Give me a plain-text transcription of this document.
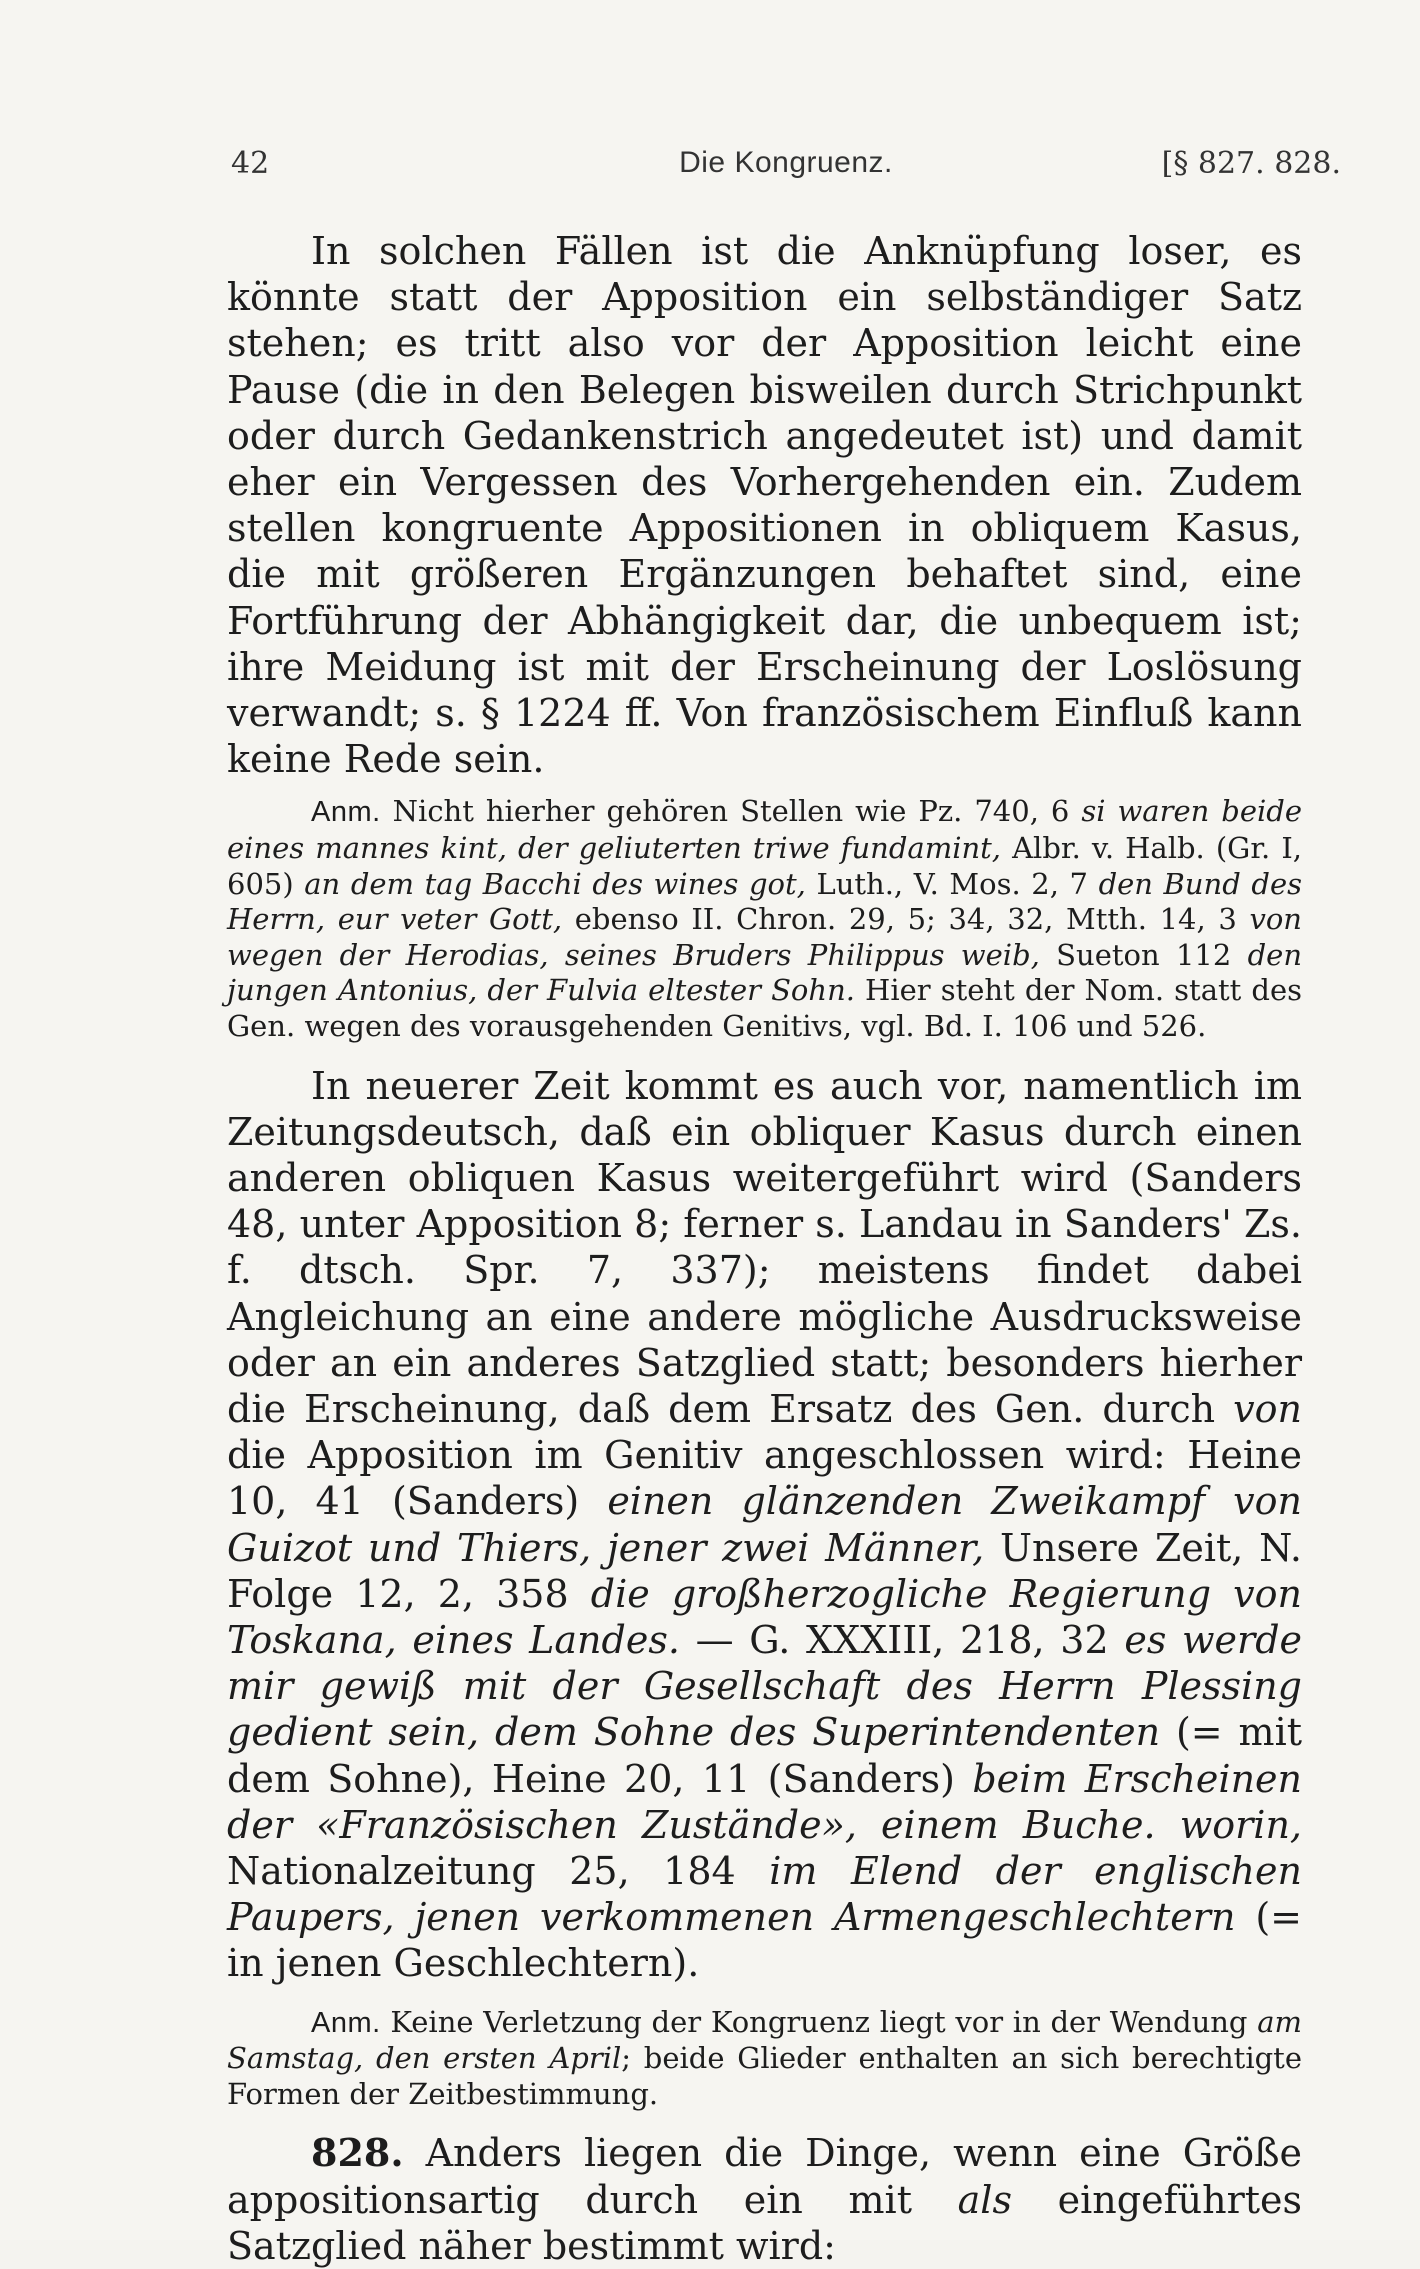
42	Die Kongruenz.	[§ 827. 828.

In solchen Fällen ist die Anknüpfung loser, es könnte statt der Apposition ein selbständiger Satz stehen; es tritt also vor der Apposition leicht eine Pause (die in den Belegen bisweilen durch Strichpunkt oder durch Gedankenstrich angedeutet ist) und damit eher ein Vergessen des Vorhergehenden ein. Zudem stellen kongruente Appositionen in obliquem Kasus, die mit größeren Ergänzungen behaftet sind, eine Fortführung der Abhängigkeit dar, die unbequem ist; ihre Meidung ist mit der Erscheinung der Loslösung verwandt; s. § 1224 ff. Von französischem Einfluß kann keine Rede sein.

Anm. Nicht hierher gehören Stellen wie Pz. 740, 6 si waren beide eines mannes kint, der geliuterten triwe fundamint, Albr. v. Halb. (Gr. I, 605) an dem tag Bacchi des wines got, Luth., V. Mos. 2, 7 den Bund des Herrn, eur veter Gott, ebenso II. Chron. 29, 5; 34, 32, Mtth. 14, 3 von wegen der Herodias, seines Bruders Philippus weib, Sueton 112 den jungen Antonius, der Fulvia eltester Sohn. Hier steht der Nom. statt des Gen. wegen des vorausgehenden Genitivs, vgl. Bd. I. 106 und 526.

In neuerer Zeit kommt es auch vor, namentlich im Zeitungsdeutsch, daß ein obliquer Kasus durch einen anderen obliquen Kasus weitergeführt wird (Sanders 48, unter Apposition 8; ferner s. Landau in Sanders' Zs. f. dtsch. Spr. 7, 337); meistens findet dabei Angleichung an eine andere mögliche Ausdrucksweise oder an ein anderes Satzglied statt; besonders hierher die Erscheinung, daß dem Ersatz des Gen. durch von die Apposition im Genitiv angeschlossen wird: Heine 10, 41 (Sanders) einen glänzenden Zweikampf von Guizot und Thiers, jener zwei Männer, Unsere Zeit, N. Folge 12, 2, 358 die großherzogliche Regierung von Toskana, eines Landes. — G. XXXIII, 218, 32 es werde mir gewiß mit der Gesellschaft des Herrn Plessing gedient sein, dem Sohne des Superintendenten (= mit dem Sohne), Heine 20, 11 (Sanders) beim Erscheinen der «Französischen Zustände», einem Buche. worin, Nationalzeitung 25, 184 im Elend der englischen Paupers, jenen verkommenen Armengeschlechtern (= in jenen Geschlechtern).

Anm. Keine Verletzung der Kongruenz liegt vor in der Wendung am Samstag, den ersten April; beide Glieder enthalten an sich berechtigte Formen der Zeitbestimmung.

828. Anders liegen die Dinge, wenn eine Größe appositionsartig durch ein mit als eingeführtes Satzglied näher bestimmt wird:
